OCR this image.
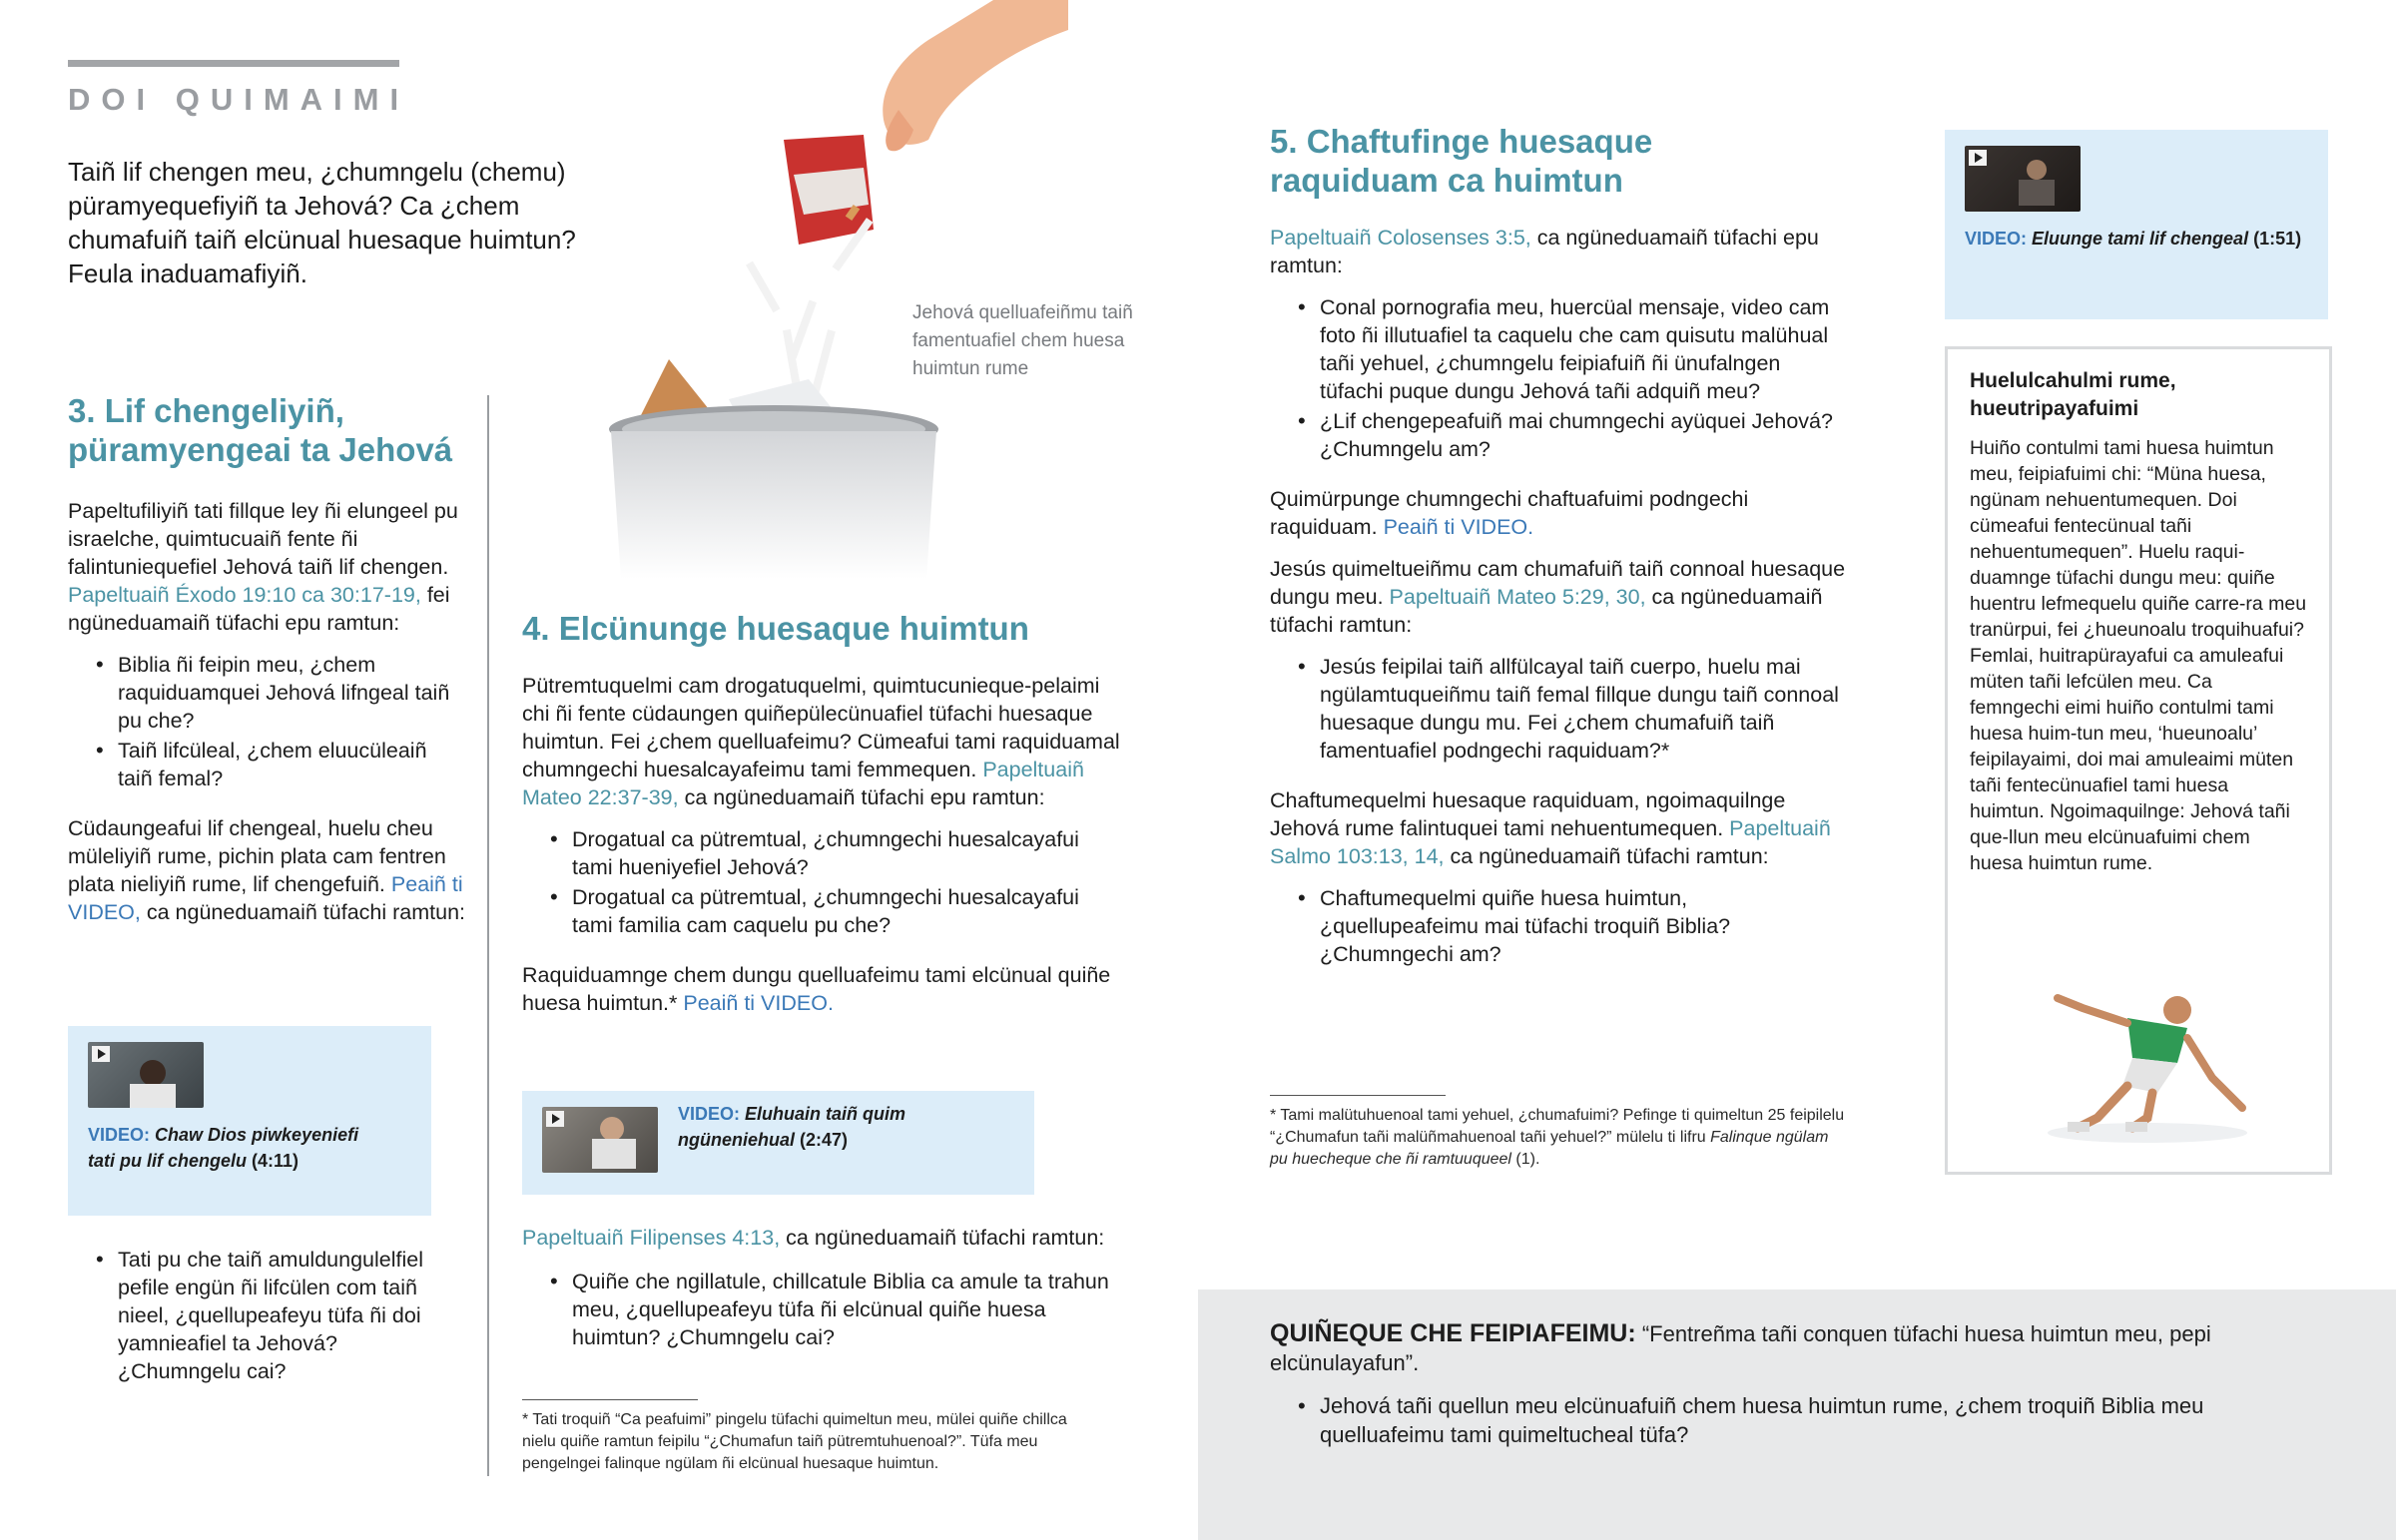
DOI QUIMAIMI

Taiñ lif chengen meu, ¿chumngelu (chemu) püramyequefiyiñ ta Jehová? Ca ¿chem chumafuiñ taiñ elcünual huesaque huimtun? Feula inaduamafiyiñ.

Jehová quelluafeiñmu taiñ famentuafiel chem huesa huimtun rume
3. Lif chengeliyiñ, püramyengeai ta Jehová

Papeltufiliyiñ tati fillque ley ñi elungeel pu israelche, quimtucuaiñ fente ñi falintuniequefiel Jehová taiñ lif chengen. Papeltuaiñ Éxodo 19:10 ca 30:17-19, fei ngüneduamaiñ tüfachi epu ramtun:

• Biblia ñi feipin meu, ¿chem raquiduamquei Jehová lifngeal taiñ pu che?
• Taiñ lifcüleal, ¿chem eluucüleaiñ taiñ femal?

Cüdaungeafui lif chengeal, huelu cheu müleliyiñ rume, pichin plata cam fentren plata nieliyiñ rume, lif chengefuiñ. Peaiñ ti VIDEO, ca ngüneduamaiñ tüfachi ramtun:

VIDEO: Chaw Dios piwkeyeniefi tati pu lif chengelu (4:11)
• Tati pu che taiñ amuldungulelfiel pefile engün ñi lifcülen com taiñ nieel, ¿quellupeafeyu tüfa ñi doi yamnieafiel ta Jehová? ¿Chumngelu cai?
4. Elcünunge huesaque huimtun

Pütremtuquelmi cam drogatuquelmi, quimtucunieque-pelaimi chi ñi fente cüdaungen quiñepülecünuafiel tüfachi huesaque huimtun. Fei ¿chem quelluafeimu? Cümeafui tami raquiduamal chumngechi huesalcayafeimu tami femmequen. Papeltuaiñ Mateo 22:37-39, ca ngüneduamaiñ tüfachi epu ramtun:

• Drogatual ca pütremtual, ¿chumngechi huesalcayafui tami hueniyefiel Jehová?
• Drogatual ca pütremtual, ¿chumngechi huesalcayafui tami familia cam caquelu pu che?

Raquiduamnge chem dungu quelluafeimu tami elcünual quiñe huesa huimtun.* Peaiñ ti VIDEO.

VIDEO: Eluhuain taiñ quim ngüneniehual (2:47)

Papeltuaiñ Filipenses 4:13, ca ngüneduamaiñ tüfachi ramtun:

• Quiñe che ngillatule, chillcatule Biblia ca amule ta trahun meu, ¿quellupeafeyu tüfa ñi elcünual quiñe huesa huimtun? ¿Chumngelu cai?

* Tati troquiñ “Ca peafuimi” pingelu tüfachi quimeltun meu, mülei quiñe chillca nielu quiñe ramtun feipilu “¿Chumafun taiñ pütremtuhuenoal?”. Tüfa meu pengelngei falinque ngülam ñi elcünual huesaque huimtun.

5. Chaftufinge huesaque raquiduam ca huimtun

Papeltuaiñ Colosenses 3:5, ca ngüneduamaiñ tüfachi epu ramtun:

• Conal pornografia meu, huercüal mensaje, video cam foto ñi illutuafiel ta caquelu che cam quisutu malühual tañi yehuel, ¿chumngelu feipiafuiñ ñi ünufalngen tüfachi puque dungu Jehová tañi adquiñ meu?
• ¿Lif chengepeafuiñ mai chumngechi ayüquei Jehová? ¿Chumngelu am?

Quimürpunge chumngechi chaftuafuimi podngechi raquiduam. Peaiñ ti VIDEO.

Jesús quimeltueiñmu cam chumafuiñ taiñ connoal huesaque dungu meu. Papeltuaiñ Mateo 5:29, 30, ca ngüneduamaiñ tüfachi ramtun:

• Jesús feipilai taiñ allfülcayal taiñ cuerpo, huelu mai ngülamtuqueiñmu taiñ femal fillque dungu taiñ connoal huesaque dungu mu. Fei ¿chem chumafuiñ taiñ famentuafiel podngechi raquiduam?*

Chaftumequelmi huesaque raquiduam, ngoimaquilnge Jehová rume falintuquei tami nehuentumequen. Papeltuaiñ Salmo 103:13, 14, ca ngüneduamaiñ tüfachi ramtun:

• Chaftumequelmi quiñe huesa huimtun, ¿quellupeafeimu mai tüfachi troquiñ Biblia? ¿Chumngechi am?

* Tami malütuhuenoal tami yehuel, ¿chumafuimi? Pefinge ti quimeltun 25 feipilelu “¿Chumafun tañi malüñmahuenoal tañi yehuel?” mülelu ti lifru Falinque ngülam pu huecheque che ñi ramtuuqueel (1).

VIDEO: Eluunge tami lif chengeal (1:51)
Huelulcahulmi rume, hueutripayafuimi

Huiño contulmi tami huesa huimtun meu, feipiafuimi chi: “Müna huesa, ngünam nehuentumequen. Doi cümeafui fentecünual tañi nehuentumequen”. Huelu raqui-duamnge tüfachi dungu meu: quiñe huentru lefmequelu quiñe carre-ra meu tranürpui, fei ¿hueunoalu troquihuafui? Femlai, huitrapürayafui ca amuleafui müten tañi lefcülen meu. Ca femngechi eimi huiño contulmi tami huesa huim-tun meu, ‘hueunoalu’ feipilayaimi, doi mai amuleaimi müten tañi fentecünuafiel tami huesa huimtun. Ngoimaquilnge: Jehová tañi que-llun meu elcünuafuimi chem huesa huimtun rume.

QUIÑEQUE CHE FEIPIAFEIMU: “Fentreñma tañi conquen tüfachi huesa huimtun meu, pepi elcünulayafun”.

• Jehová tañi quellun meu elcünuafuiñ chem huesa huimtun rume, ¿chem troquiñ Biblia meu quelluafeimu tami quimeltucheal tüfa?
